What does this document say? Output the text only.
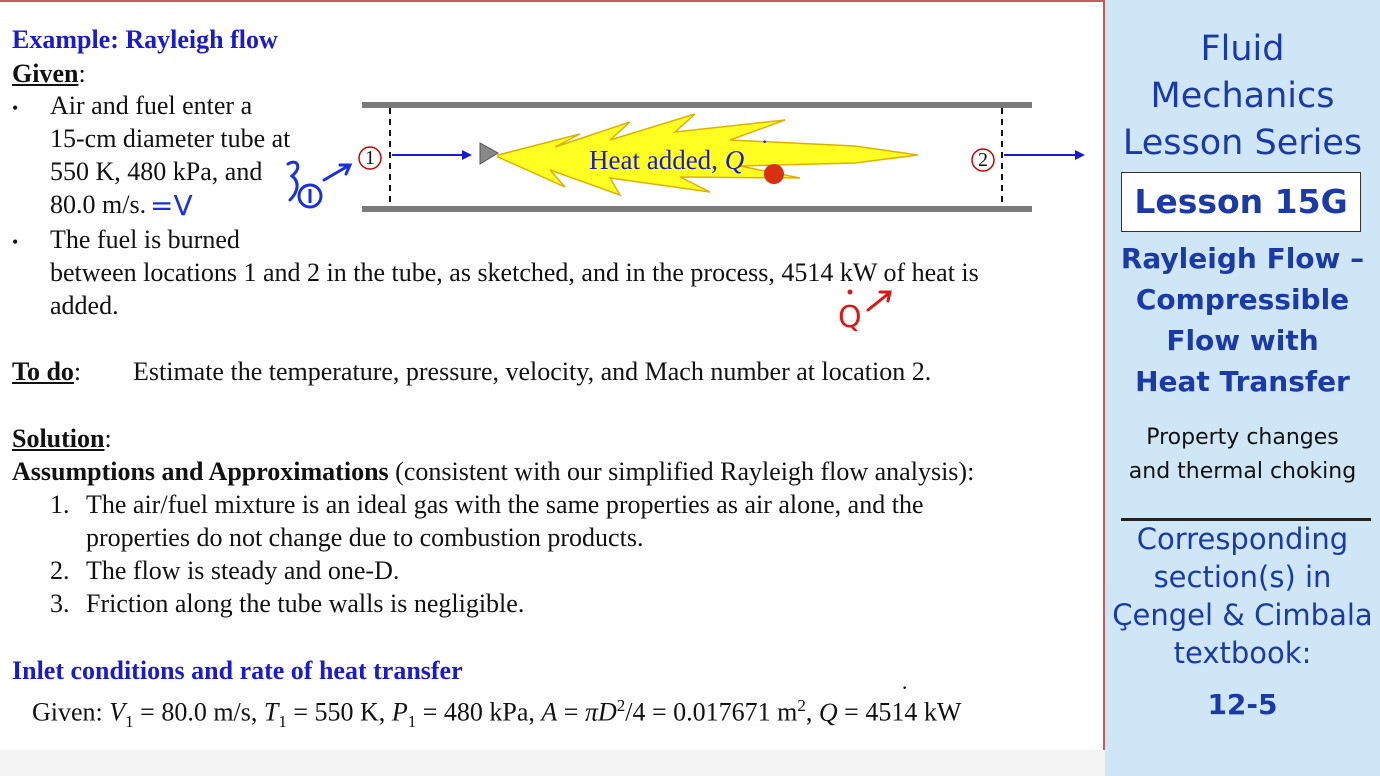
Example: Rayleigh flow
Given:
• Air and fuel enter a
15-cm diameter tube at
550 K, 480 kPa, and
80.0 m/s.
• The fuel is burned
between locations 1 and 2 in the tube, as sketched, and in the process, 4514 kW of heat is
added.
To do: Estimate the temperature, pressure, velocity, and Mach number at location 2.
Solution:
Assumptions and Approximations (consistent with our simplified Rayleigh flow analysis):
1. The air/fuel mixture is an ideal gas with the same properties as air alone, and the
properties do not change due to combustion products.
2. The flow is steady and one-D.
3. Friction along the tube walls is negligible.
Inlet conditions and rate of heat transfer
Given: $V_1 = 80.0$ m/s, $T_1 = 550$ K, $P_1 = 480$ kPa, $A = \pi D^2/4 = 0.017671$ $m^2$, Q = 4514 kW
·
1	2
Heat added, Q
·
=V
Q
Fluid
Mechanics
Lesson Series
Lesson 15G
Rayleigh Flow –
Compressible
Flow with
Heat Transfer
Property changes
and thermal choking
Corresponding
section(s) in
Çengel & Cimbala
textbook:
12-5
